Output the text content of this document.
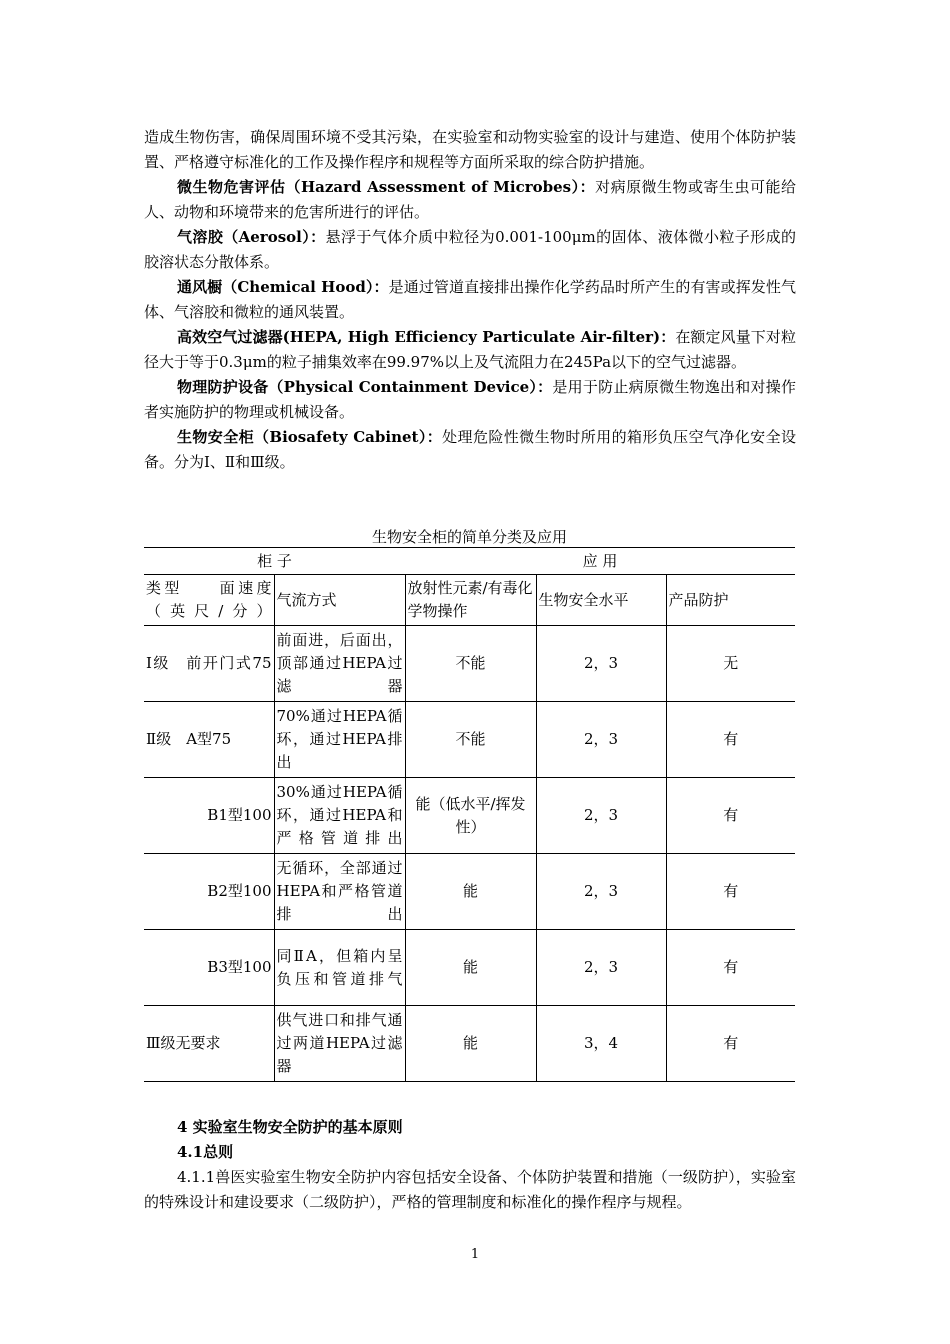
造成生物伤害，确保周围环境不受其污染，在实验室和动物实验室的设计与建造、使用个体防护装置、严格遵守标准化的工作及操作程序和规程等方面所采取的综合防护措施。

微生物危害评估（Hazard Assessment of Microbes）：对病原微生物或寄生虫可能给人、动物和环境带来的危害所进行的评估。

气溶胶（Aerosol）：悬浮于气体介质中粒径为0.001-100μm的固体、液体微小粒子形成的胶溶状态分散体系。

通风橱（Chemical Hood）：是通过管道直接排出操作化学药品时所产生的有害或挥发性气体、气溶胶和微粒的通风装置。

高效空气过滤器(HEPA, High Efficiency Particulate Air-filter)：在额定风量下对粒径大于等于0.3μm的粒子捕集效率在99.97%以上及气流阻力在245Pa以下的空气过滤器。

物理防护设备（Physical Containment Device）：是用于防止病原微生物逸出和对操作者实施防护的物理或机械设备。

生物安全柜（Biosafety Cabinet）：处理危险性微生物时所用的箱形负压空气净化安全设备。分为Ⅰ、Ⅱ和Ⅲ级。

生物安全柜的简单分类及应用
柜 子		应 用		
类型　　面速度（英尺/分）	气流方式	放射性元素/有毒化学物操作	生物安全水平	产品防护
Ⅰ级　前开门式75	前面进，后面出，顶部通过HEPA过滤器	不能	2，3	无
Ⅱ级　A型75	70%通过HEPA循环，通过HEPA排出	不能	2，3	有
B1型100	30%通过HEPA循环，通过HEPA和严格管道排出	能（低水平/挥发性）	2，3	有
B2型100	无循环，全部通过HEPA和严格管道排出	能	2，3	有
B3型100	同ⅡA，但箱内呈负压和管道排气	能	2，3	有
Ⅲ级无要求	供气进口和排气通过两道HEPA过滤器	能	3，4	有

4 实验室生物安全防护的基本原则

4.1总则

4.1.1兽医实验室生物安全防护内容包括安全设备、个体防护装置和措施（一级防护），实验室的特殊设计和建设要求（二级防护），严格的管理制度和标准化的操作程序与规程。

1
